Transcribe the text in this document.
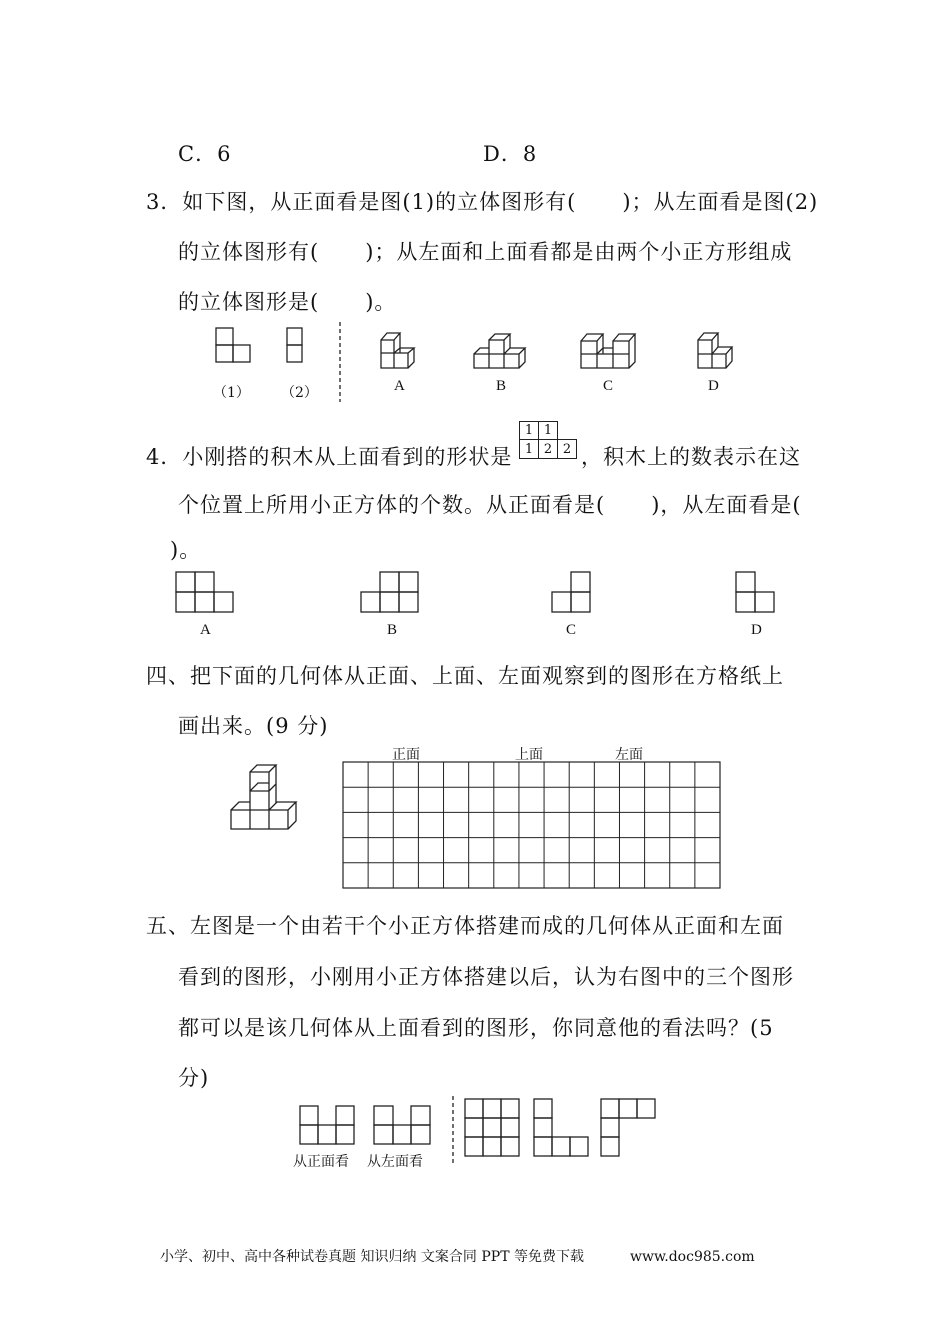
C．6	D．8
3．如下图，从正面看是图(1)的立体图形有( )；从左面看是图(2)
的立体图形有( )；从左面和上面看都是由两个小正方形组成
的立体图形是( )。
（1） （2）	A	B	C	D
4．小刚搭的积木从上面看到的形状是
1 1
1 2 2 ，积木上的数表示在这
个位置上所用小正方体的个数。从正面看是( )，从左面看是(
)。
A	B	C	D
四、把下面的几何体从正面、上面、左面观察到的图形在方格纸上
画出来。(9 分)
正面	上面	左面
五、左图是一个由若干个小正方体搭建而成的几何体从正面和左面
看到的图形，小刚用小正方体搭建以后，认为右图中的三个图形
都可以是该几何体从上面看到的图形，你同意他的看法吗？(5
分)
从正面看 从左面看
小学、初中、高中各种试卷真题 知识归纳 文案合同 PPT 等免费下载	www.doc985.com
